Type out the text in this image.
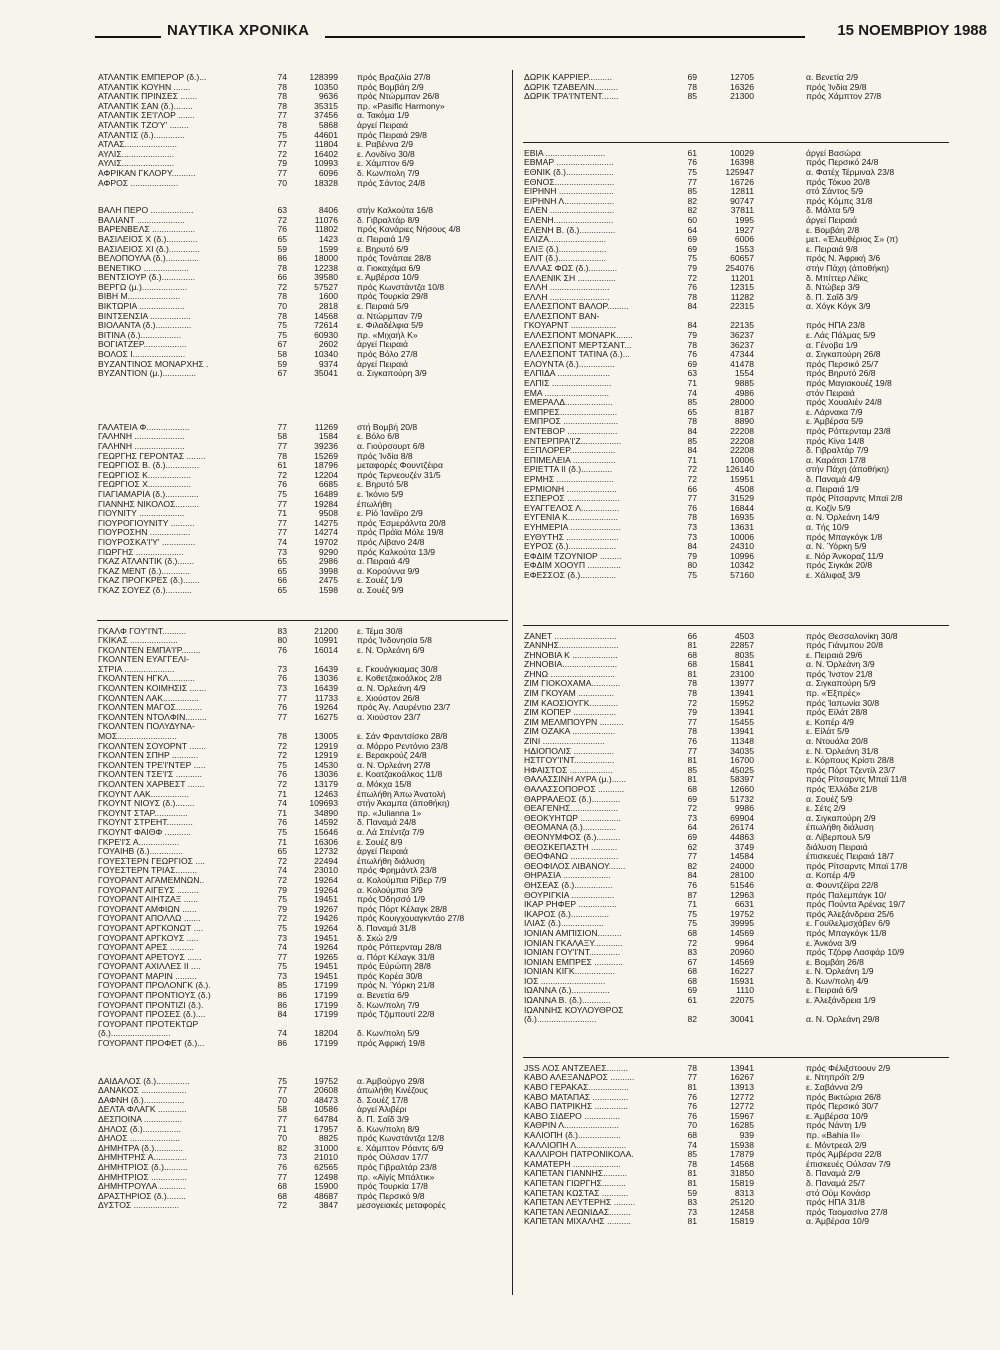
ΝΑΥΤΙΚΑ ΧΡΟΝΙΚΑ	15 ΝΟΕΜΒΡΙΟΥ 1988
ΑΤΛΑΝΤΙΚ ΕΜΠΕΡΟΡ (δ.)...	74	128399 πρός Βραζιλία 27/8
ΑΤΛΑΝΤΙΚ ΚΟΥΗΝ .......	78	10350 πρός Βομβάη 2/9
ΑΤΛΑΝΤΙΚ ΠΡΙΝΣΕΣ .......	78	9636 πρός Ντώρμπαν 26/8
ΑΤΛΑΝΤΙΚ ΣΑΝ (δ.)........	78	35315 πρ. «Pasific Harmony»
ΑΤΛΑΝΤΙΚ ΣΕ'Ι'ΛΟΡ .......	77	37456 α. Τακόμα 1/9
ΑΤΛΑΝΤΙΚ ΤΖΟ'Υ' ........	78	5868 άργεί Πειραιά
ΑΤΛΑΝΤΙΣ (δ.).............	75	44601 πρός Πειραιά 29/8
ΑΤΛΑΣ......................	77	11804 ε. Ραβέννα 2/9
ΑΥΛΙΣ......................	72	16402 ε. Λονδίνο 30/8
ΑΥΛΙΣ......................	79	10993 ε. Χάμπτον 6/9
ΑΦΡΙΚΑΝ ΓΚΛΟΡΥ..........	77	6096 δ. Κων/πολη 7/9
ΑΦΡΟΣ ....................	70	18328 πρός Σάντος 24/8
ΒΑΛΗ ΠΕΡΟ ..................	63	8406 στήν Καλκούτα 16/8
ΒΑΛΙΑΝΤ ....................	72	11076 δ. Γιβραλτάρ 8/9
ΒΑΡΕΝΒΕΛΣ ..................	76	11802 πρός Κανάριες Νήσους 4/8
ΒΑΣΙΛΕΙΟΣ Χ (δ.).............	65	1423 α. Πειραιά 1/9
ΒΑΣΙΛΕΙΟΣ ΧΙ (δ.).............	59	1599 ε. Βηρυτό 6/9
ΒΕΛΟΠΟΥΛΑ (δ.)..............	86	18000 πρός Τονάπαε 28/8
ΒΕΝΕΤΙΚΟ ...................	78	12238 α. Γιοκαχάμα 6/9
ΒΕΝΤΣΙΟΥΡ (δ.)..............	66	39580 ε. Άμβέρσα 10/9
ΒΕΡΓΩ (μ.)...................	72	57527 πρός Κωνστάντζα 10/8
ΒΙΒΗ Μ......................	78	1600 πρός Τουρκία 29/8
ΒΙΚΤΩΡΙΑ ...................	70	2818 ε. Πειραιά 5/9
ΒΙΝΤΣΕΝΣΙΑ .................	78	14568 α. Ντώρμπαν 7/9
ΒΙΟΛΑΝΤΑ (δ.)...............	75	72614 ε. Φιλαδέλφια 5/9
ΒΙΤΙΝΑ (δ.).................	75	60930 πρ. «Μιχαήλ Κ»
ΒΟΓΙΑΤΖΕΡ..................	67	2602 άργεί Πειραιά
ΒΟΛΟΣ Ι......................	58	10340 πρός Βόλο 27/8
ΒΥΖΑΝΤΙΝΟΣ ΜΟΝΑΡΧΗΣ .	59	9374 άργεί Πειραιά
ΒΥΖΑΝΤΙΟΝ (μ.)..............	67	35041 α. Σιγκαπούρη 3/9
ΓΑΛΑΤΕΙΑ Φ..................	77	11269 στή Βομβή 20/8
ΓΑΛΗΝΗ .....................	58	1584 ε. Βόλο 6/8
ΓΑΛΗΝΗ .....................	77	39236 α. Γιούρσουρτ 6/8
ΓΕΩΡΓΗΣ ΓΕΡΟΝΤΑΣ ........	78	15269 πρός Ίνδία 8/8
ΓΕΩΡΓΙΟΣ Β. (δ.)..............	61	18796 μεταφορές Φουντζέιρα
ΓΕΩΡΓΙΟΣ Κ..................	72	12204 πρός Τερνεουζέν 31/5
ΓΕΩΡΓΙΟΣ Χ..................	76	6685 ε. Βηρυτό 5/8
ΓΙΑΓΙΑΜΑΡΙΑ (δ.)..............	75	16489 ε. Ίκόνιο 5/9
ΓΙΑΝΝΗΣ ΝΙΚΟΛΟΣ..........	77	19284 έπωλήθη
ΓΙΟΥΝΙΤΥ ...................	71	9508 ε. Ρίό Ίανέϊρο 2/9
ΓΙΟΥΡΟΓΙΟΥΝΙΤΥ ..........	77	14275 πρός Έσμεράλντα 20/8
ΓΙΟΥΡΟΣΗΝ .................	77	14274 πρός Πράϊα Μόλε 19/8
ΓΙΟΥΡΟΣΚΑ'Ι'Υ' ..............	74	19702 πρός Λίβανο 24/8
ΓΙΩΡΓΗΣ ....................	73	9290 πρός Καλκούτα 13/9
ΓΚΑΖ ΑΤΛΑΝΤΙΚ (δ.).......	65	2986 α. Πειραιά 4/9
ΓΚΑΖ ΜΕΝΤ (δ.)............	65	3998 α. Κορούννα 9/9
ΓΚΑΖ ΠΡΟΓΚΡΕΣ (δ.).......	66	2475 ε. Σουέζ 1/9
ΓΚΑΖ ΣΟΥΕΖ (δ.)...........	65	1598 α. Σουέζ 9/9
ΓΚΑΛΦ ΓΟΥ'Ι'ΝΤ..........	83	21200 ε. Τέμα 30/8
ΓΚΙΚΑΣ ....................	80	10991 πρός Ίνδονησία 5/8
ΓΚΟΛΝΤΕΝ ΕΜΠΑ'Ι'Ρ........	76	16014 ε. Ν. Όρλεάνη 6/9
ΓΚΟΛΝΤΕΝ ΕΥΑΓΓΕΛΙ-
ΣΤΡΙΑ .....................	73	16439 ε. Γκουάγκιαμας 30/8
ΓΚΟΛΝΤΕΝ ΗΓΚΛ...........	76	13036 ε. Κοθετζακοάλκος 2/8
ΓΚΟΛΝΤΕΝ ΚΟΙΜΗΣΙΣ .......	73	16439 α. Ν. Όρλεάνη 4/9
ΓΚΟΛΝΤΕΝ ΛΑΚ...............	77	11733 ε. Χιούστον 26/8
ΓΚΟΛΝΤΕΝ ΜΑΓΟΣ...........	76	19264 πρός Άγ. Λαυρέντιο 23/7
ΓΚΟΛΝΤΕΝ ΝΤΟΛΦΙΝ.........	77	16275 α. Χιούστον 23/7
ΓΚΟΛΝΤΕΝ ΠΟΛΥΔΥΝΑ-
ΜΟΣ.........................	78	13005 ε. Σάν Φραντσίσκο 28/8
ΓΚΟΛΝΤΕΝ ΣΟΥΟΡΝΤ .......	72	12919 α. Μόρρο Ρεντόνιο 23/8
ΓΚΟΛΝΤΕΝ ΣΠΗΡ ...........	72	12919 ε. Βερακρούζ 24/8
ΓΚΟΛΝΤΕΝ ΤΡΕ'Ι'ΝΤΕΡ .....	75	14530 α. Ν. Όρλεάνη 27/8
ΓΚΟΛΝΤΕΝ ΤΣΕ'Ι'Σ ...........	76	13036 ε. Κοατζακοάλκος 11/8
ΓΚΟΛΝΤΕΝ ΧΑΡΒΕΣΤ .......	72	13179 α. Μόκχα 15/8
ΓΚΟΥΝΤ ΛΑΚ................	71	12463 έπωλήθη Άπω Άνατολή
ΓΚΟΥΝΤ ΝΙΟΥΣ (δ.)........	74	109693 στήν Άκαμπα (άποθήκη)
ΓΚΟΥΝΤ ΣΤΑΡ..............	71	34890 πρ. «Julianna 1»
ΓΚΟΥΝΤ ΣΤΡΕΗΤ...........	76	14592 δ. Παναμά 24/8
ΓΚΟΥΝΤ ΦΑΙΘΦ ...........	75	15646 α. Λά Σπέντζα 7/9
ΓΚΡΕ'Ι'Σ Α.................	71	16306 ε. Σουέζ 8/9
ΓΟΥΑΙΗΒ (δ.)..............	65	12732 άργεί Πειραιά
ΓΟΥΕΣΤΕΡΝ ΓΕΩΡΓΙΟΣ ....	72	22494 έπωλήθη διάλυση
ΓΟΥΕΣΤΕΡΝ ΤΡΙΑΣ.........	74	23010 πρός Φρημάντλ 23/8
ΓΟΥΟΡΑΝΤ ΑΓΑΜΕΜΝΩΝ..	72	19264 α. Κολούμπια Ρίβερ 7/9
ΓΟΥΟΡΑΝΤ ΑΙΓΕΥΣ .........	79	19264 α. Κολούμπια 3/9
ΓΟΥΟΡΑΝΤ ΑΙΗΤΖΑΞ ......	75	19451 πρός Όδησσό 1/9
ΓΟΥΟΡΑΝΤ ΑΜΦΙΩΝ ......	79	19267 πρός Πόρτ Κέλαγκ 28/8
ΓΟΥΟΡΑΝΤ ΑΠΟΛΛΩ .......	72	19426 πρός Κουιγχουαγκντάο 27/8
ΓΟΥΟΡΑΝΤ ΑΡΓΚΟΝΩΤ ....	75	19264 δ. Παναμά 31/8
ΓΟΥΟΡΑΝΤ ΑΡΓΚΟΥΣ .....	73	19451 δ. Σκώ 2/9
ΓΟΥΟΡΑΝΤ ΑΡΕΣ ..........	74	19264 πρός Ρόττερνταμ 28/8
ΓΟΥΟΡΑΝΤ ΑΡΕΤΟΥΣ ......	77	19265 α. Πόρτ Κέλαγκ 31/8
ΓΟΥΟΡΑΝΤ ΑΧΙΛΛΕΣ ΙΙ ....	75	19451 πρός Εύρώπη 28/8
ΓΟΥΟΡΑΝΤ ΜΑΡΙΝ .........	73	19451 πρός Κορέα 30/8
ΓΟΥΟΡΑΝΤ ΠΡΟΛΟΝΓΚ (δ.).	85	17199 πρός Ν. Ύόρκη 21/8
ΓΟΥΟΡΑΝΤ ΠΡΟΝΤΙΟΥΣ (δ.)	86	17199 α. Βενετία 6/9
ΓΟΥΟΡΑΝΤ ΠΡΟΝΤΙΖΙ (δ.).	86	17199 δ. Κων/πολη 7/9
ΓΟΥΟΡΑΝΤ ΠΡΟΣΕΣ (δ.)....	84	17199 πρός Τζιμπουτί 22/8
ΓΟΥΟΡΑΝΤ ΠΡΟΤΕΚΤΩΡ
(δ.).........................	74	18204 δ. Κων/πολη 5/9
ΓΟΥΟΡΑΝΤ ΠΡΟΦΕΤ (δ.)...	86	17199 πρός Άφρική 19/8
ΔΑΙΔΑΛΟΣ (δ.)..............	75	19752 α. Άμβούργο 29/8
ΔΑΝΑΚΟΣ ...................	77	20608 άπωλήθη Κινέζους
ΔΑΦΝΗ (δ.).................	70	48473 δ. Σουέζ 17/8
ΔΕΛΤΑ ΦΛΑΓΚ ............	58	10586 άργεί Άλιβέρι
ΔΕΣΠΟΙΝΑ ................	77	64784 δ. Π. Σαΐδ 3/9
ΔΗΛΟΣ (δ.)................	71	17957 δ. Κων/πολη 8/9
ΔΗΛΟΣ .....................	70	8825 πρός Κωνστάντζα 12/8
ΔΗΜΗΤΡΑ (δ.)............	82	31000 ε. Χάμπτον Ρόαντς 6/9
ΔΗΜΗΤΡΗΣ Α..............	73	21010 πρός Ούλσαν 17/7
ΔΗΜΗΤΡΙΟΣ (δ.)..........	76	62565 πρός Γιβραλτάρ 23/8
ΔΗΜΗΤΡΙΟΣ ...............	77	12498 πρ. «Αϊγίς Μπάλτικ»
ΔΗΜΗΤΡΟΥΛΑ ...........	68	15900 πρός Τουρκία 17/8
ΔΡΑΣΤΗΡΙΟΣ (δ.)........	68	48687 πρός Περσικό 9/8
ΔΥΣΤΟΣ ...................	72	3847 μεσογειακές μεταφορές
ΔΩΡΙΚ ΚΑΡΡΙΕΡ..........	69	12705	α. Βενετία 2/9
ΔΩΡΙΚ ΤΖΑΒΕΛΙΝ..........	78	16326	πρός Ίνδία 29/8
ΔΩΡΙΚ ΤΡΑ'Ι'ΝΤΕΝΤ.......	85	21300	πρός Χάμπτον 27/8
ΕΒΙΑ .........................	61	10029	άργεί Βασώρα
ΕΒΜΑΡ ........................	76	16398	πρός Περσικό 24/8
ΕΘΝΙΚ (δ.)....................	75	125947	α. Φατέχ Τέρμιναλ 23/8
ΕΘΝΟΣ.........................	77	16726	πρός Τόκυο 20/8
ΕΙΡΗΝΗ .......................	85	12811	στό Σάντος 5/9
ΕΙΡΗΝΗ Λ.....................	82	90747	πρός Κόμπς 31/8
ΕΛΕΝ ...........................	82	37811	δ. Μάλτα 5/9
ΕΛΕΝΗ.........................	60	1995	άργεί Πειραιά
ΕΛΕΝΗ Β. (δ.)...............	64	1927	ε. Βομβάη 2/8
ΕΛΙΖΑ........................	69	6006	μετ. «Έλευθέριος Σ» (π)
ΕΛΙΞ (δ.)....................	69	1553	ε. Πειραιά 9/8
ΕΛΙΤ (δ.)....................	75	60657	πρός Ν. Άφρική 3/6
ΕΛΛΑΣ ΦΩΣ (δ.)............	79	254076	στήν Πάχη (άποθήκη)
ΕΛΛΕΝΙΚ ΣΗ ................	72	11201	δ. Μπίττερ Λέϊκς
ΕΛΛΗ .........................	76	12315	δ. Ντώβερ 3/9
ΕΛΛΗ .........................	78	11282	δ. Π. Σαΐδ 3/9
ΕΛΛΕΣΠΟΝΤ ΒΑΛΟΡ.........	84	22315	α. Χόγκ Κόγκ 3/9
ΕΛΛΕΣΠΟΝΤ ΒΑΝ-
ΓΚΟΥΑΡΝΤ ...................	84	22135	πρός ΗΠΑ 23/8
ΕΛΛΕΣΠΟΝΤ ΜΟΝΑΡΚ.......	79	36237	ε. Λάς Πάλμας 5/9
ΕΛΛΕΣΠΟΝΤ ΜΕΡΤΣΑΝΤ...	78	36237	α. Γένοβα 1/9
ΕΛΛΕΣΠΟΝΤ ΤΑΤΙΝΑ (δ.)...	76	47344	α. Σιγκαπούρη 26/8
ΕΛΟΥΝΤΑ (δ.)...............	69	41478	πρός Περσικό 25/7
ΕΛΠΙΔΑ ......................	63	1554	πρός Βηρυτό 26/8
ΕΛΠΙΣ .........................	71	9885	πρός Μαγιακουέζ 19/8
ΕΜΑ ...........................	74	4986	στόν Πειραιά
ΕΜΕΡΑΛΔ....................	85	28000	πρός Χουαλιέν 24/8
ΕΜΠΡΕΣ........................	65	8187	ε. Λάρνακα 7/9
ΕΜΠΡΟΣ .......................	78	8890	ε. Άμβέρσα 5/9
ΕΝΤΕΒΟΡ .....................	84	22208	πρός Ρόττερνταμ 23/8
ΕΝΤΕΡΠΡΑ'Ι'Ζ.................	85	22208	πρός Κίνα 14/8
ΕΞΠΛΟΡΕΡ...................	84	22208	δ. Γιβραλτάρ 7/9
ΕΠΙΜΕΛΕΙΑ ..................	71	10006	α. Καράτσι 17/8
ΕΡΙΕΤΤΑ ΙΙ (δ.).............	72	126140	στήν Πάχη (άποθήκη)
ΕΡΜΗΣ ........................	72	15951	δ. Παναμά 4/9
ΕΡΜΙΟΝΗ .....................	66	4508	α. Πειραιά 1/9
ΕΣΠΕΡΟΣ ......................	77	31529	πρός Ρίτσαρντς Μπαϊ 2/8
ΕΥΑΓΓΕΛΟΣ Λ................	76	16844	α. Κοζίν 5/9
ΕΥΓΕΝΙΑ Κ.....................	78	16935	α. Ν. Όρλεάνη 14/9
ΕΥΗΜΕΡΙΑ .....................	73	13631	α. Τής 10/9
ΕΥΘΥΤΗΣ ......................	73	10006	πρός Μπαγκόγκ 1/8
ΕΥΡΟΣ (δ.)....................	84	24310	α. Ν. Ύόρκη 5/9
ΕΦΔΙΜ ΤΖΟΥΝΙΟΡ .........	79	10996	ε. Νόρ Άνκοραζ 11/9
ΕΦΔΙΜ ΧΟΟΥΠ ..............	80	10342	πρός Σιγκάκ 20/8
ΕΦΕΣΣΟΣ (δ.)...............	75	57160	ε. Χάλιφαξ 3/9
ΖΑΝΕΤ ..........................	66	4503	πρός Θεσσαλονίκη 30/8
ΖΑΝΝΗΣ.........................	81	22857	πρός Γιάνμπου 20/8
ΖΗΝΟΒΙΑ Κ ...................	68	8035	ε. Πειραιά 29/6
ΖΗΝΟΒΙΑ.......................	68	15841	α. Ν. Όρλεάνη 3/9
ΖΗΝΩ ...........................	81	23100	πρός Ίνστον 21/8
ΖΙΜ ΓΙΟΚΟΧΑΜΑ............	78	13977	α. Σιγκαπούρη 5/9
ΖΙΜ ΓΚΟΥΑΜ ...............	78	13941	πρ. «Έξπρές»
ΖΙΜ ΚΑΟΣΙΟΥΓΚ............	72	15952	πρός Ίαπωνία 30/8
ΖΙΜ ΚΟΠΕΡ ..................	79	13941	πρός Είλάτ 28/8
ΖΙΜ ΜΕΛΜΠΟΥΡΝ ..........	77	15455	ε. Κοπέρ 4/9
ΖΙΜ ΟΖΑΚΑ ..................	78	13941	ε. Είλάτ 5/9
ΖΙΝΙ ..........................	76	11348	α. Ντουάλα 20/8
ΗΔΙΟΠΟΛΙΣ .................	77	34035	ε. Ν. Όρλεάνη 31/8
ΗΣΤΓΟΥ'Ι'ΝΤ.................	81	16700	ε. Κόρπους Κρίστι 28/8
ΗΦΑΙΣΤΟΣ ..................	85	45025	πρός Πόρτ Τζεντίλ 23/7
ΘΑΛΑΣΣΙΝΗ ΑΥΡΑ (μ.)......	81	58397	πρός Ρίτσαρντς Μπαϊ 11/8
ΘΑΛΑΣΣΟΠΟΡΟΣ ...........	68	12660	πρός Έλλάδα 21/8
ΘΑΡΡΑΛΕΟΣ (δ.)............	69	51732	α. Σουέζ 5/9
ΘΕΑΓΕΝΗΣ....................	72	9986	ε. Σέτς 2/9
ΘΕΟΚΥΗΤΩΡ .................	73	69904	α. Σιγκαπούρη 2/9
ΘΕΟΜΑΝΑ (δ.)..............	64	26174	έπωλήθη διάλυση
ΘΕΟΝΥΜΦΟΣ (δ.)..........	69	44863	α. Λίβερπουλ 5/9
ΘΕΟΣΚΕΠΑΣΤΗ ...........	62	3749	διάλυση Πειραιά
ΘΕΟΦΑΝΩ ....................	77	14584	έπισκευές Πειραιά 18/7
ΘΕΟΦΙΛΟΣ ΛΙΒΑΝΟΥ.......	82	24000	πρός Ρίτσαρντς Μπαϊ 17/8
ΘΗΡΑΣΙΑ ....................	84	28100	α. Κοπέρ 4/9
ΘΗΣΕΑΣ (δ.)................	76	51546	α. Φουντζέϊρα 22/8
ΘΟΥΡΙΓΚΙΑ ..................	87	12963	πρός Παλεμπάγκ 10/
ΙΚΑΡ ΡΗΦΕΡ ................	71	6631	πρός Πούντα Άρένας 19/7
ΙΚΑΡΟΣ (δ.)................	75	19752	πρός Άλεξάνδρεια 25/6
ΙΛΙΑΣ (δ.)..................	75	39995	ε. Γουϊλελμσχάβεν 6/9
ΙΟΝΙΑΝ ΑΜΠΙΣΙΟΝ..........	68	14569	πρός Μπαγκόγκ 11/8
ΙΟΝΙΑΝ ΓΚΑΛΑΞΥ............	72	9964	ε. Άνκόνα 3/9
ΙΟΝΙΑΝ ΓΟΥ'Ι'ΝΤ.............	83	20960	πρός Τζόρφ Λασφάρ 10/9
ΙΟΝΙΑΝ ΕΜΠΡΕΣ ............	67	14569	ε. Βομβάη 26/8
ΙΟΝΙΑΝ ΚΙΓΚ.................	68	16227	ε. Ν. Όρλεάνη 1/9
ΙΟΣ ...........................	68	15931	δ. Κων/πολη 4/9
ΙΩΑΝΝΑ (δ.)................	69	1110	ε. Πειραιά 6/9
ΙΩΑΝΝΑ Β. (δ.)............	61	22075	ε. Άλεξάνδρεια 1/9
ΙΩΑΝΝΗΣ ΚΟΥΛΟΥΘΡΟΣ
(δ.).........................	82	30041	α. Ν. Όρλεάνη 29/8
JSS ΛΟΣ ΑΝΤΖΕΛΕΣ.........	78	13941	πρός Φέλιξστοουν 2/9
ΚΑΒΟ ΑΛΕΞΑΝΔΡΟΣ ..........	77	16267	ε. Ντηπρόϊτ 2/9
ΚΑΒΟ ΓΕΡΑΚΑΣ.................	81	13913	ε. Σαβάννα 2/9
ΚΑΒΟ ΜΑΤΑΠΑΣ ...............	76	12772	πρός Βικτώρια 26/8
ΚΑΒΟ ΠΑΤΡΙΚΗΣ ..............	76	12772	πρός Περσικό 30/7
ΚΑΒΟ ΣΙΔΕΡΟ ...............	76	15967	ε. Άμβέρσα 10/9
ΚΑΘΡΙΝ Λ.......................	70	16285	πρός Νάντη 1/9
ΚΑΛΙΟΠΗ (δ.)..................	68	939	πρ. «Bahia II»
ΚΑΛΛΙΟΠΗ Λ.....................	74	15938	ε. Μόντρεαλ 2/9
ΚΑΛΛΙΡΟΗ ΠΑΤΡΟΝΙΚΟΛΑ.	85	17879	πρός Άμβέρσα 22/8
ΚΑΜΑΤΕΡΗ ....................	78	14568	έπισκευές Ούλσαν 7/9
ΚΑΠΕΤΑΝ ΓΙΑΝΝΗΣ..........	81	31850	δ. Παναμά 2/9
ΚΑΠΕΤΑΝ ΓΙΩΡΓΗΣ..........	81	15819	δ. Παναμά 25/7
ΚΑΠΕΤΑΝ ΚΩΣΤΑΣ ...........	59	8313	στό Ούμ Κονάσρ
ΚΑΠΕΤΑΝ ΛΕΥΤΕΡΗΣ .........	83	25120	πρός ΗΠΑ 31/8
ΚΑΠΕΤΑΝ ΛΕΩΝΙΔΑΣ.........	73	12458	πρός Ταομασίνα 27/8
ΚΑΠΕΤΑΝ ΜΙΧΑΛΗΣ ..........	81	15819	α. Άμβέρσα 10/9
